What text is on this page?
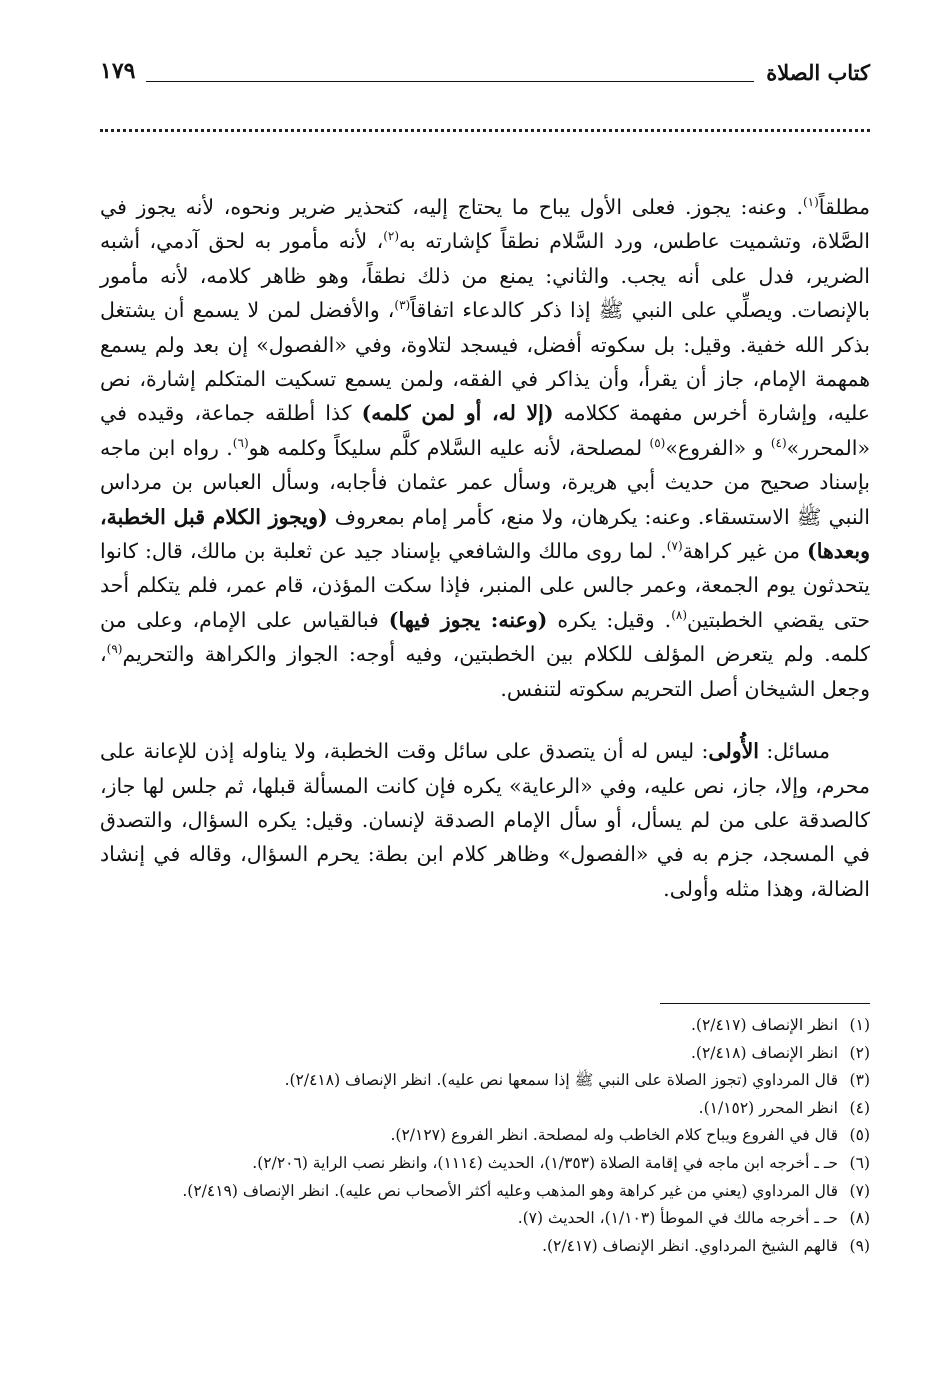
كتاب الصلاة
١٧٩

مطلقاً$^{(١)}$. وعنه: يجوز. فعلى الأول يباح ما يحتاج إليه، كتحذير ضرير ونحوه، لأنه يجوز في الصَّلاة، وتشميت عاطس، ورد السَّلام نطقاً كإشارته به$^{(٢)}$، لأنه مأمور به لحق آدمي، أشبه الضرير، فدل على أنه يجب. والثاني: يمنع من ذلك نطقاً، وهو ظاهر كلامه، لأنه مأمور بالإنصات. ويصلِّي على النبي ﷺ إذا ذكر كالدعاء اتفاقاً$^{(٣)}$، والأفضل لمن لا يسمع أن يشتغل بذكر الله خفية. وقيل: بل سكوته أفضل، فيسجد لتلاوة، وفي «الفصول» إن بعد ولم يسمع همهمة الإمام، جاز أن يقرأ، وأن يذاكر في الفقه، ولمن يسمع تسكيت المتكلم إشارة، نص عليه، وإشارة أخرس مفهمة ككلامه (إلا له، أو لمن كلمه) كذا أطلقه جماعة، وقيده في «المحرر»$^{(٤)}$ و «الفروع»$^{(٥)}$ لمصلحة، لأنه عليه السَّلام كلَّم سليكاً وكلمه هو$^{(٦)}$. رواه ابن ماجه بإسناد صحيح من حديث أبي هريرة، وسأل عمر عثمان فأجابه، وسأل العباس بن مرداس النبي ﷺ الاستسقاء. وعنه: يكرهان، ولا منع، كأمر إمام بمعروف (ويجوز الكلام قبل الخطبة، وبعدها) من غير كراهة$^{(٧)}$. لما روى مالك والشافعي بإسناد جيد عن ثعلبة بن مالك، قال: كانوا يتحدثون يوم الجمعة، وعمر جالس على المنبر، فإذا سكت المؤذن، قام عمر، فلم يتكلم أحد حتى يقضي الخطبتين$^{(٨)}$. وقيل: يكره (وعنه: يجوز فيها) فبالقياس على الإمام، وعلى من كلمه. ولم يتعرض المؤلف للكلام بين الخطبتين، وفيه أوجه: الجواز والكراهة والتحريم$^{(٩)}$، وجعل الشيخان أصل التحريم سكوته لتنفس.

مسائل: الأُولى: ليس له أن يتصدق على سائل وقت الخطبة، ولا يناوله إذن للإعانة على محرم، وإلا، جاز، نص عليه، وفي «الرعاية» يكره فإن كانت المسألة قبلها، ثم جلس لها جاز، كالصدقة على من لم يسأل، أو سأل الإمام الصدقة لإنسان. وقيل: يكره السؤال، والتصدق في المسجد، جزم به في «الفصول» وظاهر كلام ابن بطة: يحرم السؤال، وقاله في إنشاد الضالة، وهذا مثله وأولى.

(١)
انظر الإنصاف (٢/٤١٧).
(٢)
انظر الإنصاف (٢/٤١٨).
(٣)
قال المرداوي (تجوز الصلاة على النبي ﷺ إذا سمعها نص عليه). انظر الإنصاف (٢/٤١٨).
(٤)
انظر المحرر (١/١٥٢).
(٥)
قال في الفروع ويباح كلام الخاطب وله لمصلحة. انظر الفروع (٢/١٢٧).
(٦)
حـ ـ أخرجه ابن ماجه في إقامة الصلاة (١/٣٥٣)، الحديث (١١١٤)، وانظر نصب الراية (٢/٢٠٦).
(٧)
قال المرداوي (يعني من غير كراهة وهو المذهب وعليه أكثر الأصحاب نص عليه). انظر الإنصاف (٢/٤١٩).
(٨)
حـ ـ أخرجه مالك في الموطأ (١/١٠٣)، الحديث (٧).
(٩)
قالهم الشيخ المرداوي. انظر الإنصاف (٢/٤١٧).
